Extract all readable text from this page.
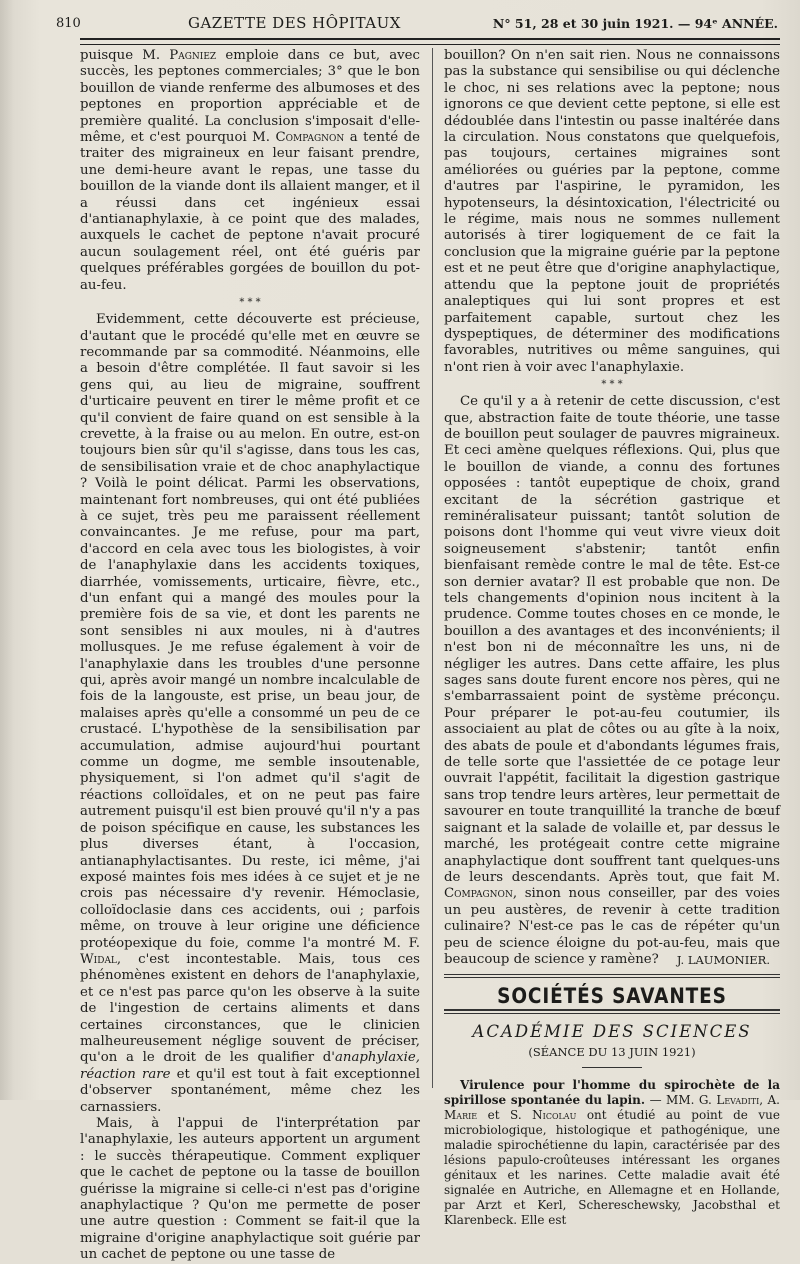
810	GAZETTE DES HÔPITAUX	N° 51, 28 et 30 juin 1921. — 94ᵉ ANNÉE.

puisque M. Pagniez emploie dans ce but, avec succès, les peptones commerciales; 3° que le bon bouillon de viande renferme des albumoses et des peptones en proportion appréciable et de première qualité. La conclusion s'imposait d'elle-même, et c'est pourquoi M. Compagnon a tenté de traiter des migraineux en leur faisant prendre, une demi-heure avant le repas, une tasse du bouillon de la viande dont ils allaient manger, et il a réussi dans cet ingénieux essai d'antianaphylaxie, à ce point que des malades, auxquels le cachet de peptone n'avait procuré aucun soulagement réel, ont été guéris par quelques préférables gorgées de bouillon du pot-au-feu.

* * *

Evidemment, cette découverte est précieuse, d'autant que le procédé qu'elle met en œuvre se recommande par sa commodité. Néanmoins, elle a besoin d'être complétée. Il faut savoir si les gens qui, au lieu de migraine, souffrent d'urticaire peuvent en tirer le même profit et ce qu'il convient de faire quand on est sensible à la crevette, à la fraise ou au melon. En outre, est-on toujours bien sûr qu'il s'agisse, dans tous les cas, de sensibilisation vraie et de choc anaphylactique ? Voilà le point délicat. Parmi les observations, maintenant fort nombreuses, qui ont été publiées à ce sujet, très peu me paraissent réellement convaincantes. Je me refuse, pour ma part, d'accord en cela avec tous les biologistes, à voir de l'anaphylaxie dans les accidents toxiques, diarrhée, vomissements, urticaire, fièvre, etc., d'un enfant qui a mangé des moules pour la première fois de sa vie, et dont les parents ne sont sensibles ni aux moules, ni à d'autres mollusques. Je me refuse également à voir de l'anaphylaxie dans les troubles d'une personne qui, après avoir mangé un nombre incalculable de fois de la langouste, est prise, un beau jour, de malaises après qu'elle a consommé un peu de ce crustacé. L'hypothèse de la sensibilisation par accumulation, admise aujourd'hui pourtant comme un dogme, me semble insoutenable, physiquement, si l'on admet qu'il s'agit de réactions colloïdales, et on ne peut pas faire autrement puisqu'il est bien prouvé qu'il n'y a pas de poison spécifique en cause, les substances les plus diverses étant, à l'occasion, antianaphylactisantes. Du reste, ici même, j'ai exposé maintes fois mes idées à ce sujet et je ne crois pas nécessaire d'y revenir. Hémoclasie, colloïdoclasie dans ces accidents, oui ; parfois même, on trouve à leur origine une déficience protéopexique du foie, comme l'a montré M. F. Widal, c'est incontestable. Mais, tous ces phénomènes existent en dehors de l'anaphylaxie, et ce n'est pas parce qu'on les observe à la suite de l'ingestion de certains aliments et dans certaines circonstances, que le clinicien malheureusement néglige souvent de préciser, qu'on a le droit de les qualifier d'anaphylaxie, réaction rare et qu'il est tout à fait exceptionnel d'observer spontanément, même chez les carnassiers.

Mais, à l'appui de l'interprétation par l'anaphylaxie, les auteurs apportent un argument : le succès thérapeutique. Comment expliquer que le cachet de peptone ou la tasse de bouillon guérisse la migraine si celle-ci n'est pas d'origine anaphylactique ? Qu'on me permette de poser une autre question : Comment se fait-il que la migraine d'origine anaphylactique soit guérie par un cachet de peptone ou une tasse de

bouillon? On n'en sait rien. Nous ne connaissons pas la substance qui sensibilise ou qui déclenche le choc, ni ses relations avec la peptone; nous ignorons ce que devient cette peptone, si elle est dédoublée dans l'intestin ou passe inaltérée dans la circulation. Nous constatons que quelquefois, pas toujours, certaines migraines sont améliorées ou guéries par la peptone, comme d'autres par l'aspirine, le pyramidon, les hypotenseurs, la désintoxication, l'électricité ou le régime, mais nous ne sommes nullement autorisés à tirer logiquement de ce fait la conclusion que la migraine guérie par la peptone est et ne peut être que d'origine anaphylactique, attendu que la peptone jouit de propriétés analeptiques qui lui sont propres et est parfaitement capable, surtout chez les dyspeptiques, de déterminer des modifications favorables, nutritives ou même sanguines, qui n'ont rien à voir avec l'anaphylaxie.

* * *

Ce qu'il y a à retenir de cette discussion, c'est que, abstraction faite de toute théorie, une tasse de bouillon peut soulager de pauvres migraineux. Et ceci amène quelques réflexions. Qui, plus que le bouillon de viande, a connu des fortunes opposées : tantôt eupeptique de choix, grand excitant de la sécrétion gastrique et reminéralisateur puissant; tantôt solution de poisons dont l'homme qui veut vivre vieux doit soigneusement s'abstenir; tantôt enfin bienfaisant remède contre le mal de tête. Est-ce son dernier avatar? Il est probable que non. De tels changements d'opinion nous incitent à la prudence. Comme toutes choses en ce monde, le bouillon a des avantages et des inconvénients; il n'est bon ni de méconnaître les uns, ni de négliger les autres. Dans cette affaire, les plus sages sans doute furent encore nos pères, qui ne s'embarrassaient point de système préconçu. Pour préparer le pot-au-feu coutumier, ils associaient au plat de côtes ou au gîte à la noix, des abats de poule et d'abondants légumes frais, de telle sorte que l'assiettée de ce potage leur ouvrait l'appétit, facilitait la digestion gastrique sans trop tendre leurs artères, leur permettait de savourer en toute tranquillité la tranche de bœuf saignant et la salade de volaille et, par dessus le marché, les protégeait contre cette migraine anaphylactique dont souffrent tant quelques-uns de leurs descendants. Après tout, que fait M. Compagnon, sinon nous conseiller, par des voies un peu austères, de revenir à cette tradition culinaire? N'est-ce pas le cas de répéter qu'un peu de science éloigne du pot-au-feu, mais que beaucoup de science y ramène?	J. LAUMONIER.

SOCIÉTÉS SAVANTES
ACADÉMIE DES SCIENCES
(SÉANCE DU 13 JUIN 1921)

Virulence pour l'homme du spirochète de la spirillose spontanée du lapin. — MM. G. Levaditi, A. Marie et S. Nicolau ont étudié au point de vue microbiologique, histologique et pathogénique, une maladie spirochétienne du lapin, caractérisée par des lésions papulo-croûteuses intéressant les organes génitaux et les narines. Cette maladie avait été signalée en Autriche, en Allemagne et en Hollande, par Arzt et Kerl, Schereschewsky, Jacobsthal et Klarenbeck. Elle est
